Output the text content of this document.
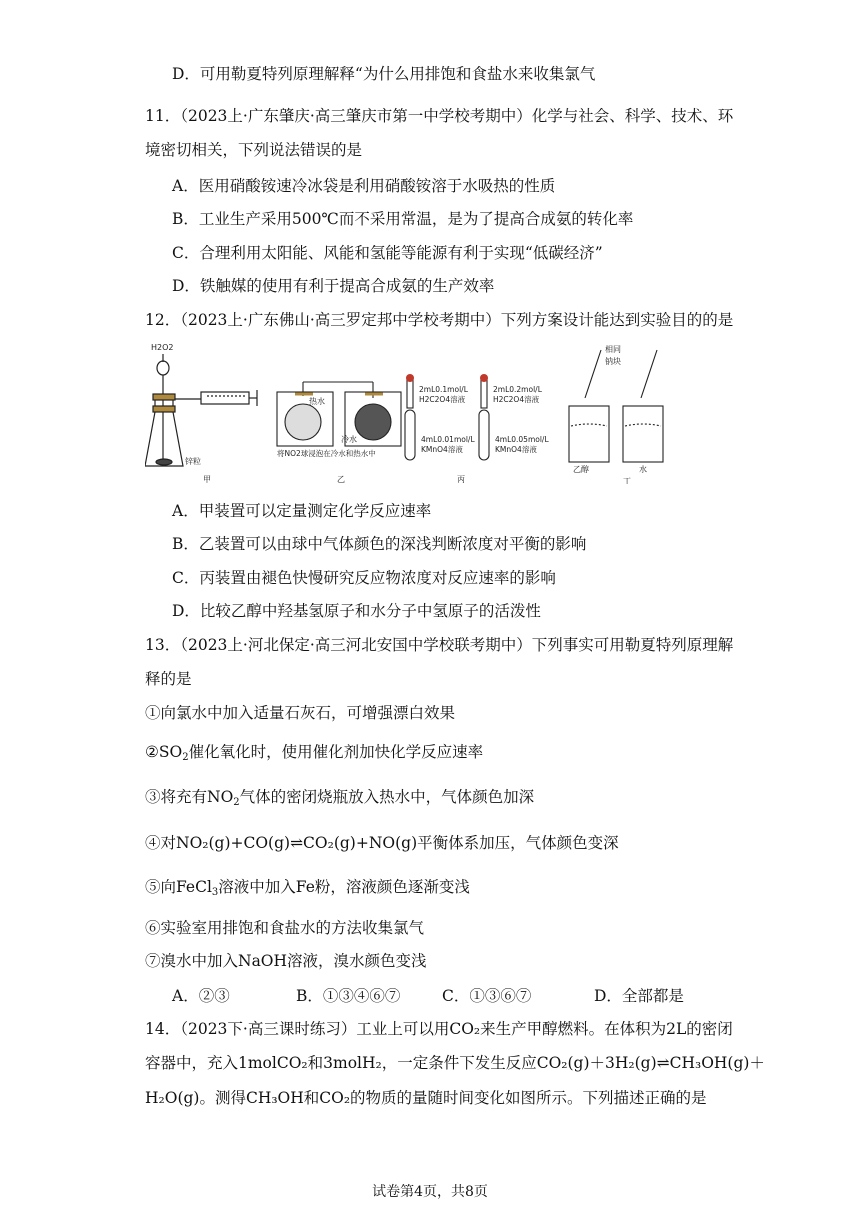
D．可用勒夏特列原理解释“为什么用排饱和食盐水来收集氯气
11．（2023上·广东肇庆·高三肇庆市第一中学校考期中）化学与社会、科学、技术、环
境密切相关，下列说法错误的是
A．医用硝酸铵速冷冰袋是利用硝酸铵溶于水吸热的性质
B．工业生产采用500℃而不采用常温，是为了提高合成氨的转化率
C．合理利用太阳能、风能和氢能等能源有利于实现“低碳经济”
D．铁触媒的使用有利于提高合成氨的生产效率
12．（2023上·广东佛山·高三罗定邦中学校考期中）下列方案设计能达到实验目的的是
H2O2
锌粒
甲
热水
冷水
将NO2球浸泡在冷水和热水中
乙
2mL0.1mol/L
H2C2O4溶液
2mL0.2mol/L
H2C2O4溶液
4mL0.01mol/L
KMnO4溶液
4mL0.05mol/L
KMnO4溶液
丙
相同
钠块
乙醇	水
丁
A．甲装置可以定量测定化学反应速率
B．乙装置可以由球中气体颜色的深浅判断浓度对平衡的影响
C．丙装置由褪色快慢研究反应物浓度对反应速率的影响
D．比较乙醇中羟基氢原子和水分子中氢原子的活泼性
13．（2023上·河北保定·高三河北安国中学校联考期中）下列事实可用勒夏特列原理解
释的是
①向氯水中加入适量石灰石，可增强漂白效果
$②SO_2$催化氧化时，使用催化剂加快化学反应速率
③将充有$NO_2$气体的密闭烧瓶放入热水中，气体颜色加深
④对NO₂(g)+CO(g)⇌CO₂(g)+NO(g)平衡体系加压，气体颜色变深
⑤向FeCl$_3$溶液中加入Fe粉，溶液颜色逐渐变浅
⑥实验室用排饱和食盐水的方法收集氯气
⑦溴水中加入NaOH溶液，溴水颜色变浅
A．②③	B．①③④⑥⑦	C．①③⑥⑦	D．全部都是
14．（2023下·高三课时练习）工业上可以用CO₂来生产甲醇燃料。在体积为2L的密闭
容器中，充入1molCO₂和3molH₂，一定条件下发生反应CO₂(g)＋3H₂(g)⇌CH₃OH(g)＋
H₂O(g)。测得CH₃OH和CO₂的物质的量随时间变化如图所示。下列描述正确的是
试卷第4页，共8页
